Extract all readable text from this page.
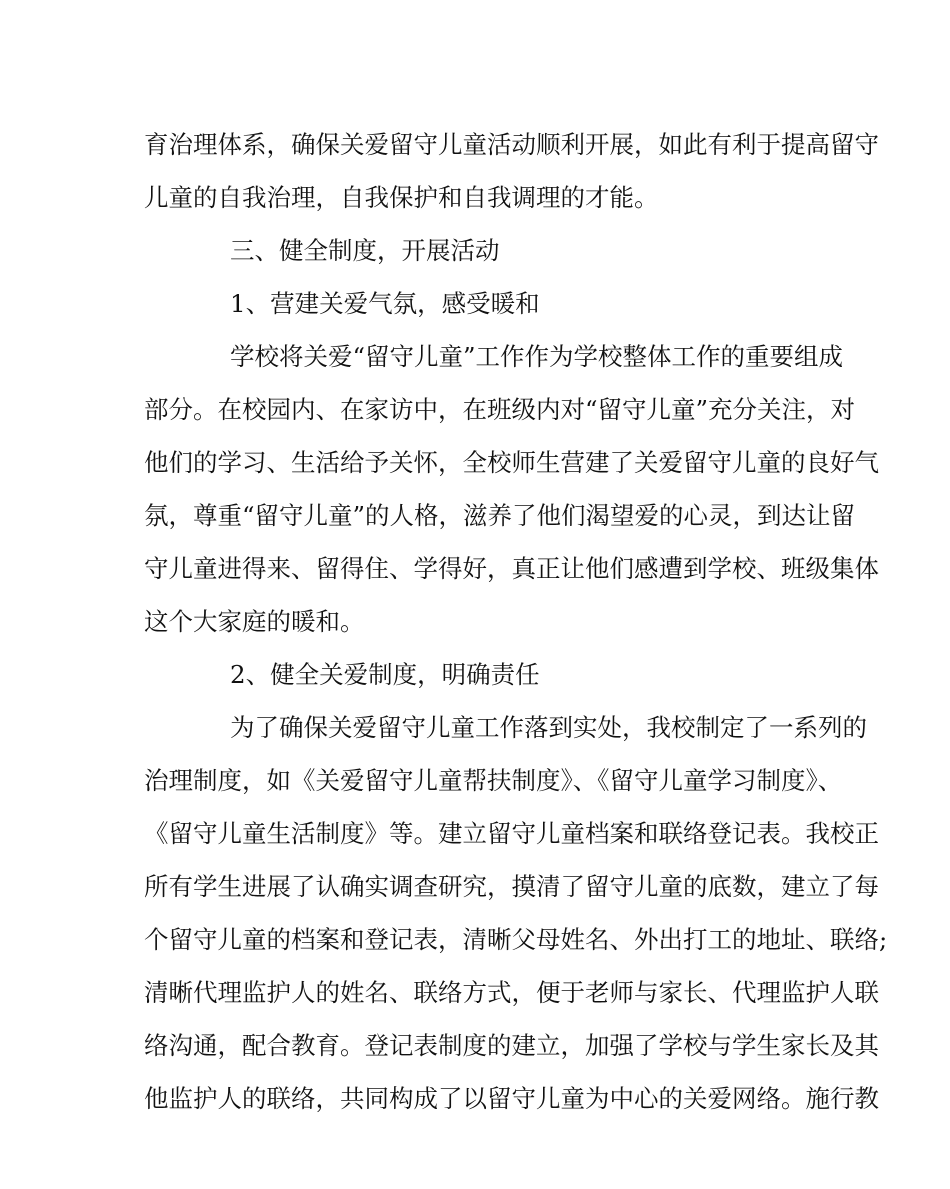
育治理体系，确保关爱留守儿童活动顺利开展，如此有利于提高留守
儿童的自我治理，自我保护和自我调理的才能。
三、健全制度，开展活动
1、营建关爱气氛，感受暖和
学校将关爱“留守儿童”工作作为学校整体工作的重要组成
部分。在校园内、在家访中，在班级内对“留守儿童”充分关注，对
他们的学习、生活给予关怀，全校师生营建了关爱留守儿童的良好气
氛，尊重“留守儿童”的人格，滋养了他们渴望爱的心灵，到达让留
守儿童进得来、留得住、学得好，真正让他们感遭到学校、班级集体
这个大家庭的暖和。
2、健全关爱制度，明确责任
为了确保关爱留守儿童工作落到实处，我校制定了一系列的
治理制度，如《关爱留守儿童帮扶制度》、《留守儿童学习制度》、
《留守儿童生活制度》等。建立留守儿童档案和联络登记表。我校正
所有学生进展了认确实调查研究，摸清了留守儿童的底数，建立了每
个留守儿童的档案和登记表，清晰父母姓名、外出打工的地址、联络;
清晰代理监护人的姓名、联络方式，便于老师与家长、代理监护人联
络沟通，配合教育。登记表制度的建立，加强了学校与学生家长及其
他监护人的联络，共同构成了以留守儿童为中心的关爱网络。施行教
